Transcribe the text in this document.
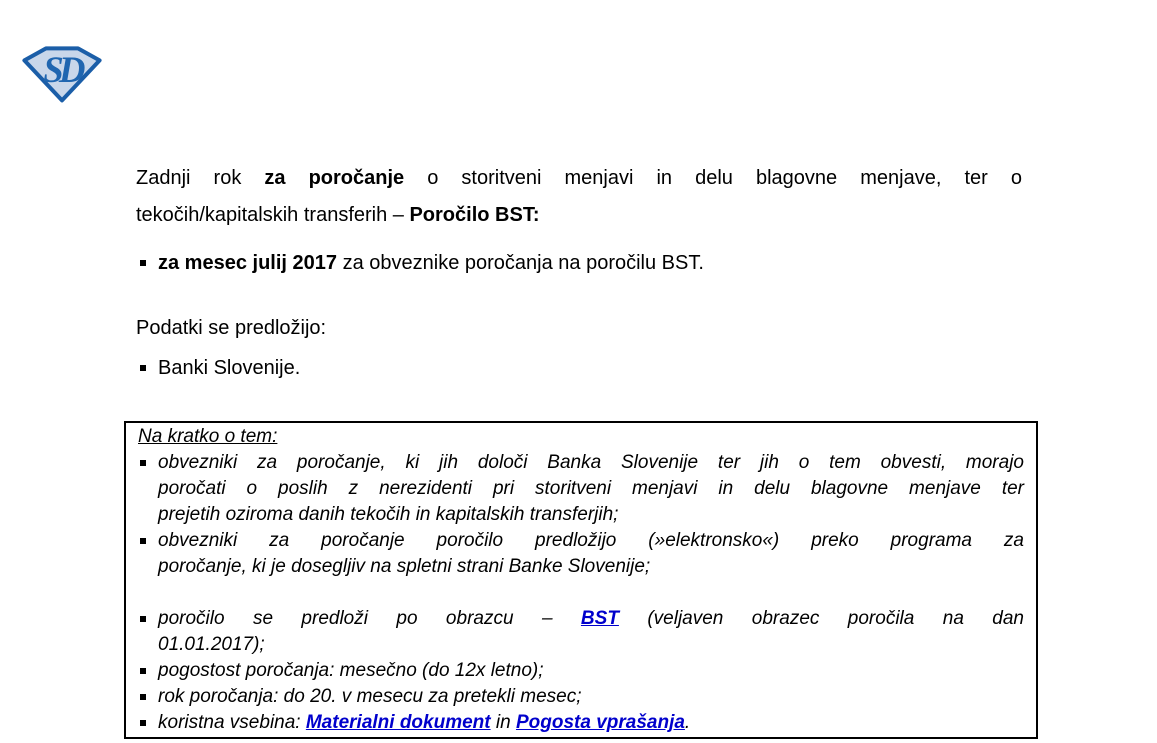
SD

Zadnji rok za poročanje o storitveni menjavi in delu blagovne menjave, ter o
tekočih/kapitalskih transferih – Poročilo BST:

za mesec julij 2017 za obveznike poročanja na poročilu BST.

Podatki se predložijo:

Banki Slovenije.
Na kratko o tem:
obvezniki za poročanje, ki jih določi Banka Slovenije ter jih o tem obvesti, morajo
poročati o poslih z nerezidenti pri storitveni menjavi in delu blagovne menjave ter
prejetih oziroma danih tekočih in kapitalskih transferjih;
obvezniki za poročanje poročilo predložijo (»elektronsko«) preko programa za
poročanje, ki je dosegljiv na spletni strani Banke Slovenije;
poročilo se predloži po obrazcu – BST (veljaven obrazec poročila na dan
01.01.2017);
pogostost poročanja: mesečno (do 12x letno);
rok poročanja: do 20. v mesecu za pretekli mesec;
koristna vsebina: Materialni dokument in Pogosta vprašanja.
